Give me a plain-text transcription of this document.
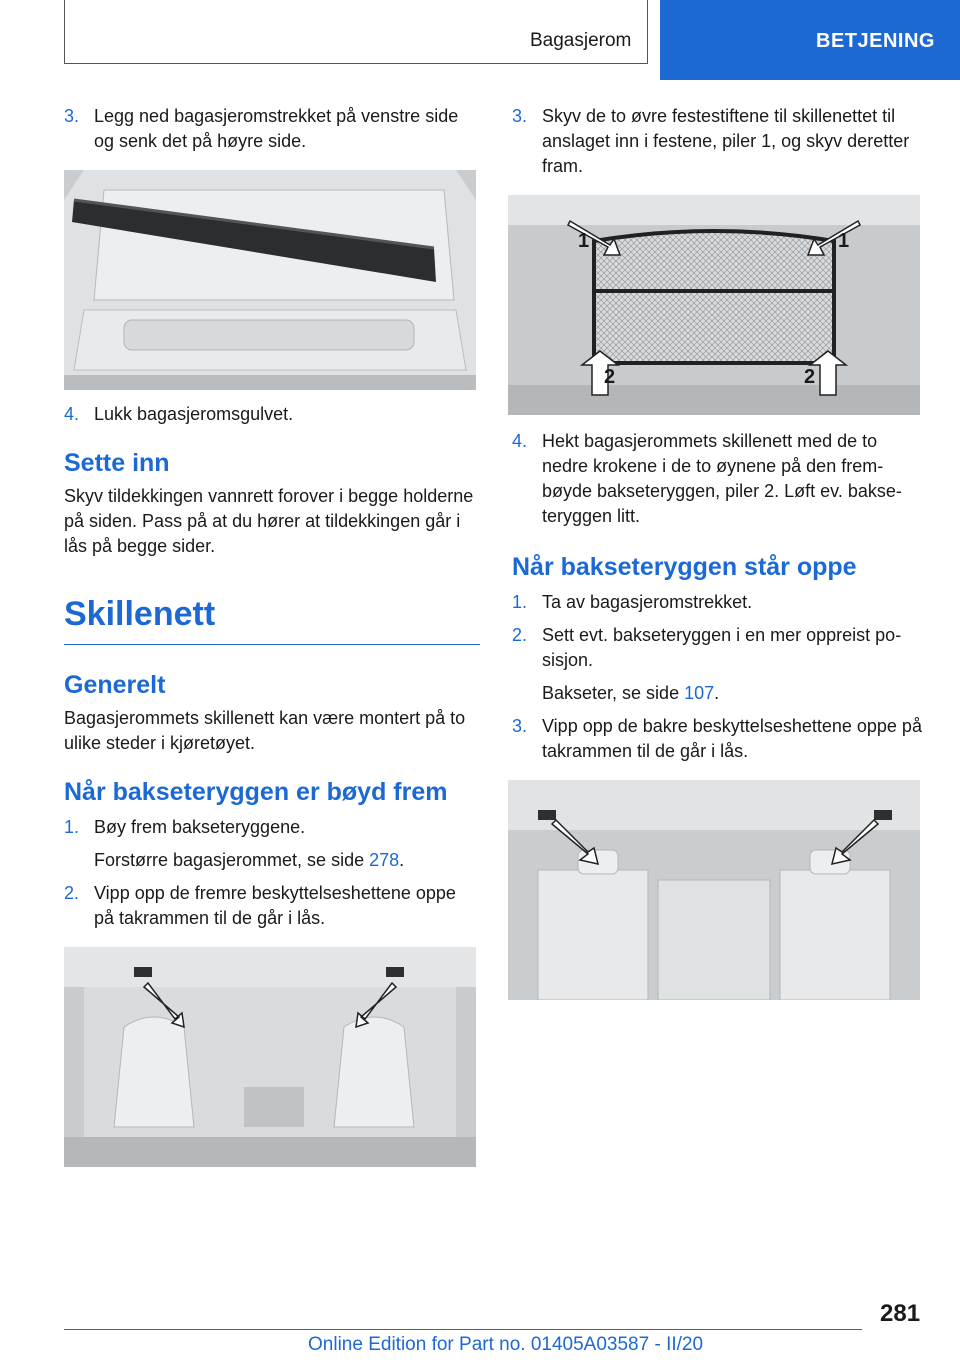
Bagasjerom	BETJENING
3. Legg ned bagasjeromstrekket på venstre side og senk det på høyre side.
4. Lukk bagasjeromsgulvet.
Sette inn

Skyv tildekkingen vannrett forover i begge holderne på siden. Pass på at du hører at tildekkingen går i lås på begge sider.

Skillenett
Generelt

Bagasjerommets skillenett kan være montert på to ulike steder i kjøretøyet.

Når bakseteryggen er bøyd frem
1. Bøy frem bakseteryggene.
Forstørre bagasjerommet, se side 278.
2. Vipp opp de fremre beskyttelseshettene oppe på takrammen til de går i lås.
3. Skyv de to øvre festestiftene til skillenettet til anslaget inn i festene, piler 1, og skyv deretter fram.
1	1
2	2
4. Hekt bagasjerommets skillenett med de to nedre krokene i de to øynene på den frembøyde bakseteryggen, piler 2. Løft ev. bakseteryggen litt.
Når bakseteryggen står oppe
1. Ta av bagasjeromstrekket.
2. Sett evt. bakseteryggen i en mer oppreist posisjon.
Bakseter, se side 107.
3. Vipp opp de bakre beskyttelseshettene oppe på takrammen til de går i lås.
281
Online Edition for Part no. 01405A03587 - II/20
